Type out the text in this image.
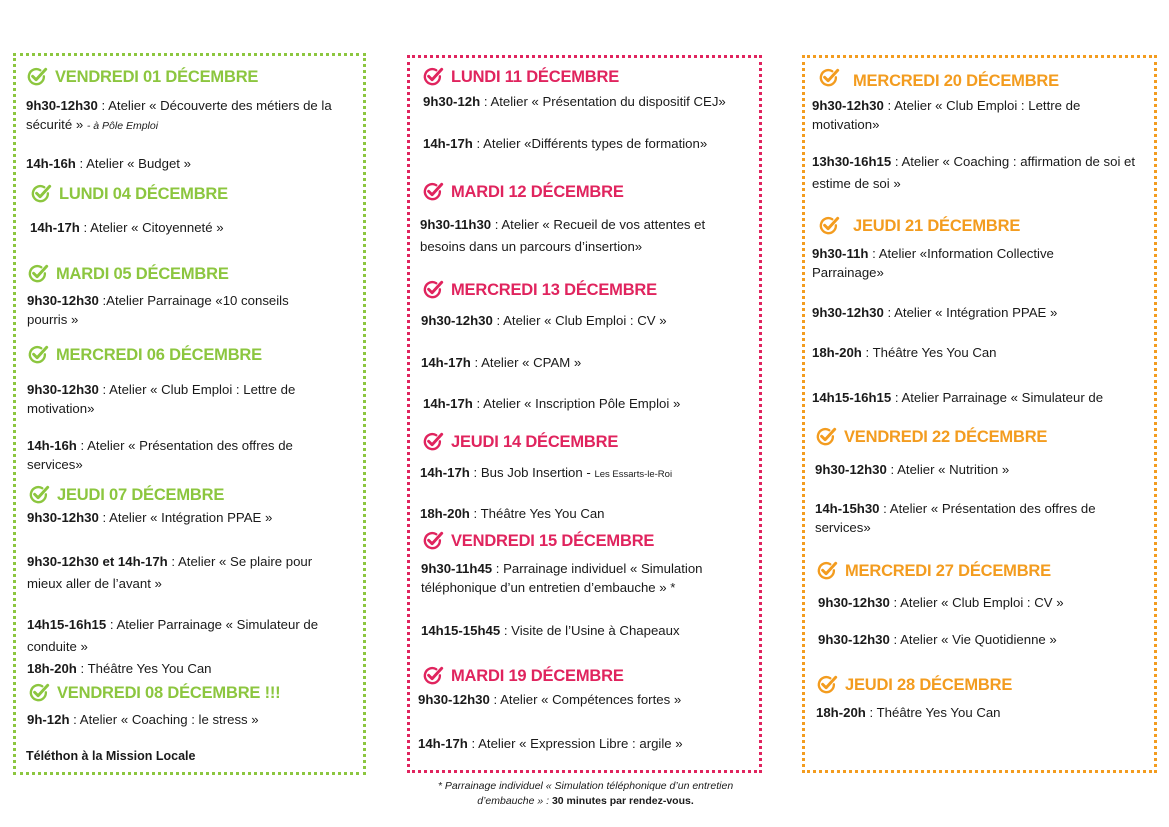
VENDREDI 01 DÉCEMBRE
9h30-12h30 : Atelier « Découverte des métiers de la sécurité » - à Pôle Emploi
14h-16h : Atelier « Budget »
LUNDI 04 DÉCEMBRE
14h-17h : Atelier « Citoyenneté »
MARDI 05 DÉCEMBRE
9h30-12h30 :Atelier Parrainage «10 conseils pourris »
MERCREDI 06 DÉCEMBRE
9h30-12h30 : Atelier « Club Emploi : Lettre de motivation»
14h-16h : Atelier « Présentation des offres de services»
JEUDI 07 DÉCEMBRE
9h30-12h30 : Atelier « Intégration PPAE »
9h30-12h30 et 14h-17h : Atelier « Se plaire pour mieux aller de l’avant »
14h15-16h15 : Atelier Parrainage « Simulateur de conduite »
18h-20h : Théâtre Yes You Can
VENDREDI 08 DÉCEMBRE !!!
9h-12h : Atelier « Coaching : le stress »
Téléthon à la Mission Locale
LUNDI 11 DÉCEMBRE
9h30-12h : Atelier « Présentation du dispositif CEJ»
14h-17h : Atelier «Différents types de formation»
MARDI 12 DÉCEMBRE
9h30-11h30 : Atelier « Recueil de vos attentes et besoins dans un parcours d’insertion»
MERCREDI 13 DÉCEMBRE
9h30-12h30 : Atelier « Club Emploi : CV »
14h-17h : Atelier « CPAM »
14h-17h : Atelier « Inscription Pôle Emploi »
JEUDI 14 DÉCEMBRE
14h-17h : Bus Job Insertion - Les Essarts-le-Roi
18h-20h : Théâtre Yes You Can
VENDREDI 15 DÉCEMBRE
9h30-11h45 : Parrainage individuel « Simulation téléphonique d’un entretien d’embauche » *
14h15-15h45 : Visite de l’Usine à Chapeaux
MARDI 19 DÉCEMBRE
9h30-12h30 : Atelier « Compétences fortes »
14h-17h : Atelier « Expression Libre : argile »
MERCREDI 20 DÉCEMBRE
9h30-12h30 : Atelier « Club Emploi : Lettre de motivation»
13h30-16h15 : Atelier « Coaching : affirmation de soi et estime de soi »
JEUDI 21 DÉCEMBRE
9h30-11h : Atelier «Information Collective Parrainage»
9h30-12h30 : Atelier « Intégration PPAE »
18h-20h : Théâtre Yes You Can
14h15-16h15 : Atelier Parrainage « Simulateur de
VENDREDI 22 DÉCEMBRE
9h30-12h30 : Atelier « Nutrition »
14h-15h30 : Atelier « Présentation des offres de services»
MERCREDI 27 DÉCEMBRE
9h30-12h30 : Atelier « Club Emploi : CV »
9h30-12h30 : Atelier « Vie Quotidienne »
JEUDI 28 DÉCEMBRE
18h-20h : Théâtre Yes You Can
* Parrainage individuel « Simulation téléphonique d’un entretien d’embauche » : 30 minutes par rendez-vous.
